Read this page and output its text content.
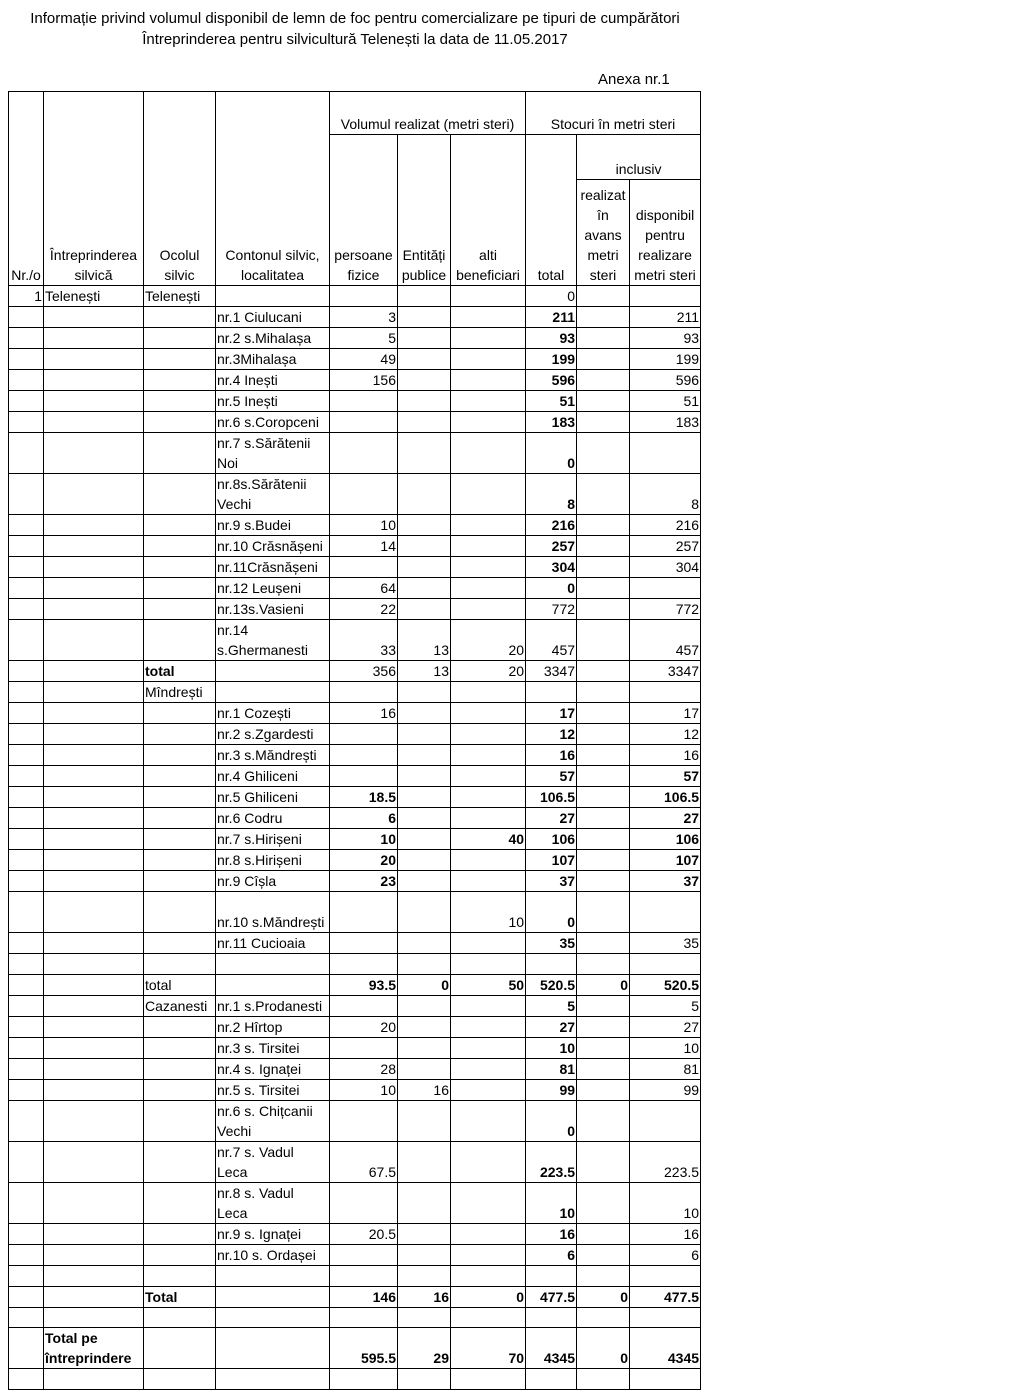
Informație privind volumul disponibil de lemn de foc pentru comercializare pe tipuri de cumpărători
Întreprinderea pentru silvicultură Telenești la data de 11.05.2017
Anexa nr.1
Nr./o	Întreprinderea silvică	Ocolul silvic	Contonul silvic, localitatea	Volumul realizat (metri steri)			Stocuri în metri steri		
				persoane fizice	Entități publice	alti beneficiari	total	inclusiv	
								realizat în avans metri steri	disponibil pentru realizare metri steri
1	Telenești	Telenești					0		
			nr.1 Ciulucani	3			211		211
			nr.2 s.Mihalașa	5			93		93
			nr.3Mihalașa	49			199		199
			nr.4 Inești	156			596		596
			nr.5 Inești				51		51
			nr.6 s.Coropceni				183		183
			nr.7 s.Sărătenii Noi				0		
			nr.8s.Sărătenii Vechi				8		8
			nr.9 s.Budei	10			216		216
			nr.10 Crăsnășeni	14			257		257
			nr.11Crăsnășeni				304		304
			nr.12 Leușeni	64			0		
			nr.13s.Vasieni	22			772		772
			nr.14 s.Ghermanesti	33	13	20	457		457
		total		356	13	20	3347		3347
		Mîndrești							
			nr.1 Cozești	16			17		17
			nr.2 s.Zgardesti				12		12
			nr.3 s.Măndrești				16		16
			nr.4 Ghiliceni				57		57
			nr.5 Ghiliceni	18.5			106.5		106.5
			nr.6 Codru	6			27		27
			nr.7 s.Hirișeni	10		40	106		106
			nr.8 s.Hirișeni	20			107		107
			nr.9 Cîșla	23			37		37
			nr.10 s.Măndrești			10	0		
			nr.11 Cucioaia				35		35

		total		93.5	0	50	520.5	0	520.5
		Cazanesti	nr.1 s.Prodanesti				5		5
			nr.2 Hîrtop	20			27		27
			nr.3 s. Tirsitei				10		10
			nr.4 s. Ignaței	28			81		81
			nr.5 s. Tirsitei	10	16		99		99
			nr.6 s. Chițcanii Vechi				0		
			nr.7 s. Vadul Leca	67.5			223.5		223.5
			nr.8 s. Vadul Leca				10		10
			nr.9 s. Ignaței	20.5			16		16
			nr.10 s. Ordașei				6		6

		Total		146	16	0	477.5	0	477.5

	Total pe întreprindere			595.5	29	70	4345	0	4345
